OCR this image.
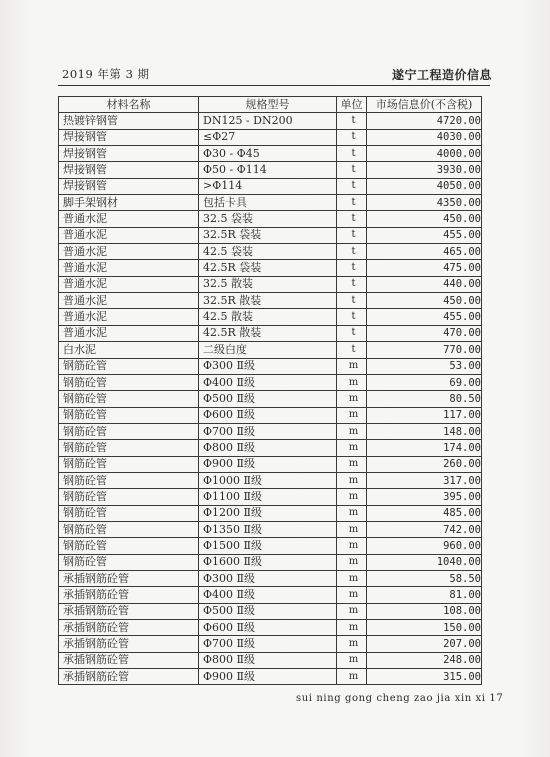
2019 年第 3 期	遂宁工程造价信息
材料名称	规格型号	单位	市场信息价(不含税)
热镀锌钢管	DN125 - DN200	t	4720.00
焊接钢管	≤Φ27	t	4030.00
焊接钢管	Φ30 - Φ45	t	4000.00
焊接钢管	Φ50 - Φ114	t	3930.00
焊接钢管	>Φ114	t	4050.00
脚手架钢材	包括卡具	t	4350.00
普通水泥	32.5 袋装	t	450.00
普通水泥	32.5R 袋装	t	455.00
普通水泥	42.5 袋装	t	465.00
普通水泥	42.5R 袋装	t	475.00
普通水泥	32.5 散装	t	440.00
普通水泥	32.5R 散装	t	450.00
普通水泥	42.5 散装	t	455.00
普通水泥	42.5R 散装	t	470.00
白水泥	二级白度	t	770.00
钢筋砼管	Φ300 Ⅱ级	m	53.00
钢筋砼管	Φ400 Ⅱ级	m	69.00
钢筋砼管	Φ500 Ⅱ级	m	80.50
钢筋砼管	Φ600 Ⅱ级	m	117.00
钢筋砼管	Φ700 Ⅱ级	m	148.00
钢筋砼管	Φ800 Ⅱ级	m	174.00
钢筋砼管	Φ900 Ⅱ级	m	260.00
钢筋砼管	Φ1000 Ⅱ级	m	317.00
钢筋砼管	Φ1100 Ⅱ级	m	395.00
钢筋砼管	Φ1200 Ⅱ级	m	485.00
钢筋砼管	Φ1350 Ⅱ级	m	742.00
钢筋砼管	Φ1500 Ⅱ级	m	960.00
钢筋砼管	Φ1600 Ⅱ级	m	1040.00
承插钢筋砼管	Φ300 Ⅱ级	m	58.50
承插钢筋砼管	Φ400 Ⅱ级	m	81.00
承插钢筋砼管	Φ500 Ⅱ级	m	108.00
承插钢筋砼管	Φ600 Ⅱ级	m	150.00
承插钢筋砼管	Φ700 Ⅱ级	m	207.00
承插钢筋砼管	Φ800 Ⅱ级	m	248.00
承插钢筋砼管	Φ900 Ⅱ级	m	315.00
sui ning gong cheng zao jia xin xi 17
